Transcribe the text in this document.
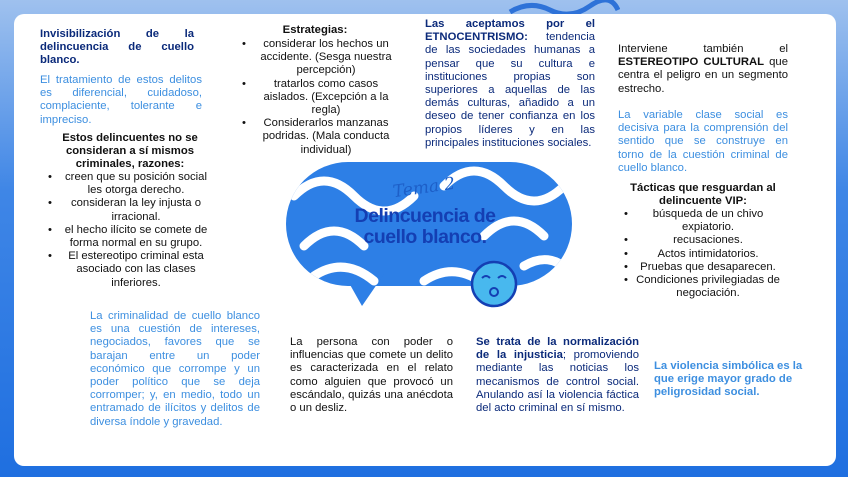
Invisibilización de la delincuencia de cuello blanco.

El tratamiento de estos delitos es diferencial, cuidadoso, complaciente, tolerante e impreciso.

Estos delincuentes no se consideran a sí mismos criminales, razones:

• creen que su posición social les otorga derecho.
• consideran la ley injusta o irracional.
• el hecho ilícito se comete de forma normal en su grupo.
• El estereotipo criminal esta asociado con las clases inferiores.

Estrategias:

• considerar los hechos un accidente. (Sesga nuestra percepción)
• tratarlos como casos aislados. (Excepción a la regla)
• Considerarlos manzanas podridas. (Mala conducta individual)

Las aceptamos por el ETNOCENTRISMO: tendencia de las sociedades humanas a pensar que su cultura e instituciones propias son superiores a aquellas de las demás culturas, añadido a un deseo de tener confianza en los propios líderes y en las principales instituciones sociales.

Interviene también el ESTEREOTIPO CULTURAL que centra el peligro en un segmento estrecho.

La variable clase social es decisiva para la comprensión del sentido que se construye en torno de la cuestión criminal de cuello blanco.

Tácticas que resguardan al delincuente VIP:

• búsqueda de un chivo expiatorio.
• recusaciones.
• Actos intimidatorios.
• Pruebas que desaparecen.
• Condiciones privilegiadas de negociación.
Tema 2
Delincuencia de cuello blanco.

La criminalidad de cuello blanco es una cuestión de intereses, negociados, favores que se barajan entre un poder económico que corrompe y un poder político que se deja corromper; y, en medio, todo un entramado de ilícitos y delitos de diversa índole y gravedad.

La persona con poder o influencias que comete un delito es caracterizada en el relato como alguien que provocó un escándalo, quizás una anécdota o un desliz.

Se trata de la normalización de la injusticia; promoviendo mediante las noticias los mecanismos de control social. Anulando así la violencia fáctica del acto criminal en sí mismo.

La violencia simbólica es la que erige mayor grado de peligrosidad social.
